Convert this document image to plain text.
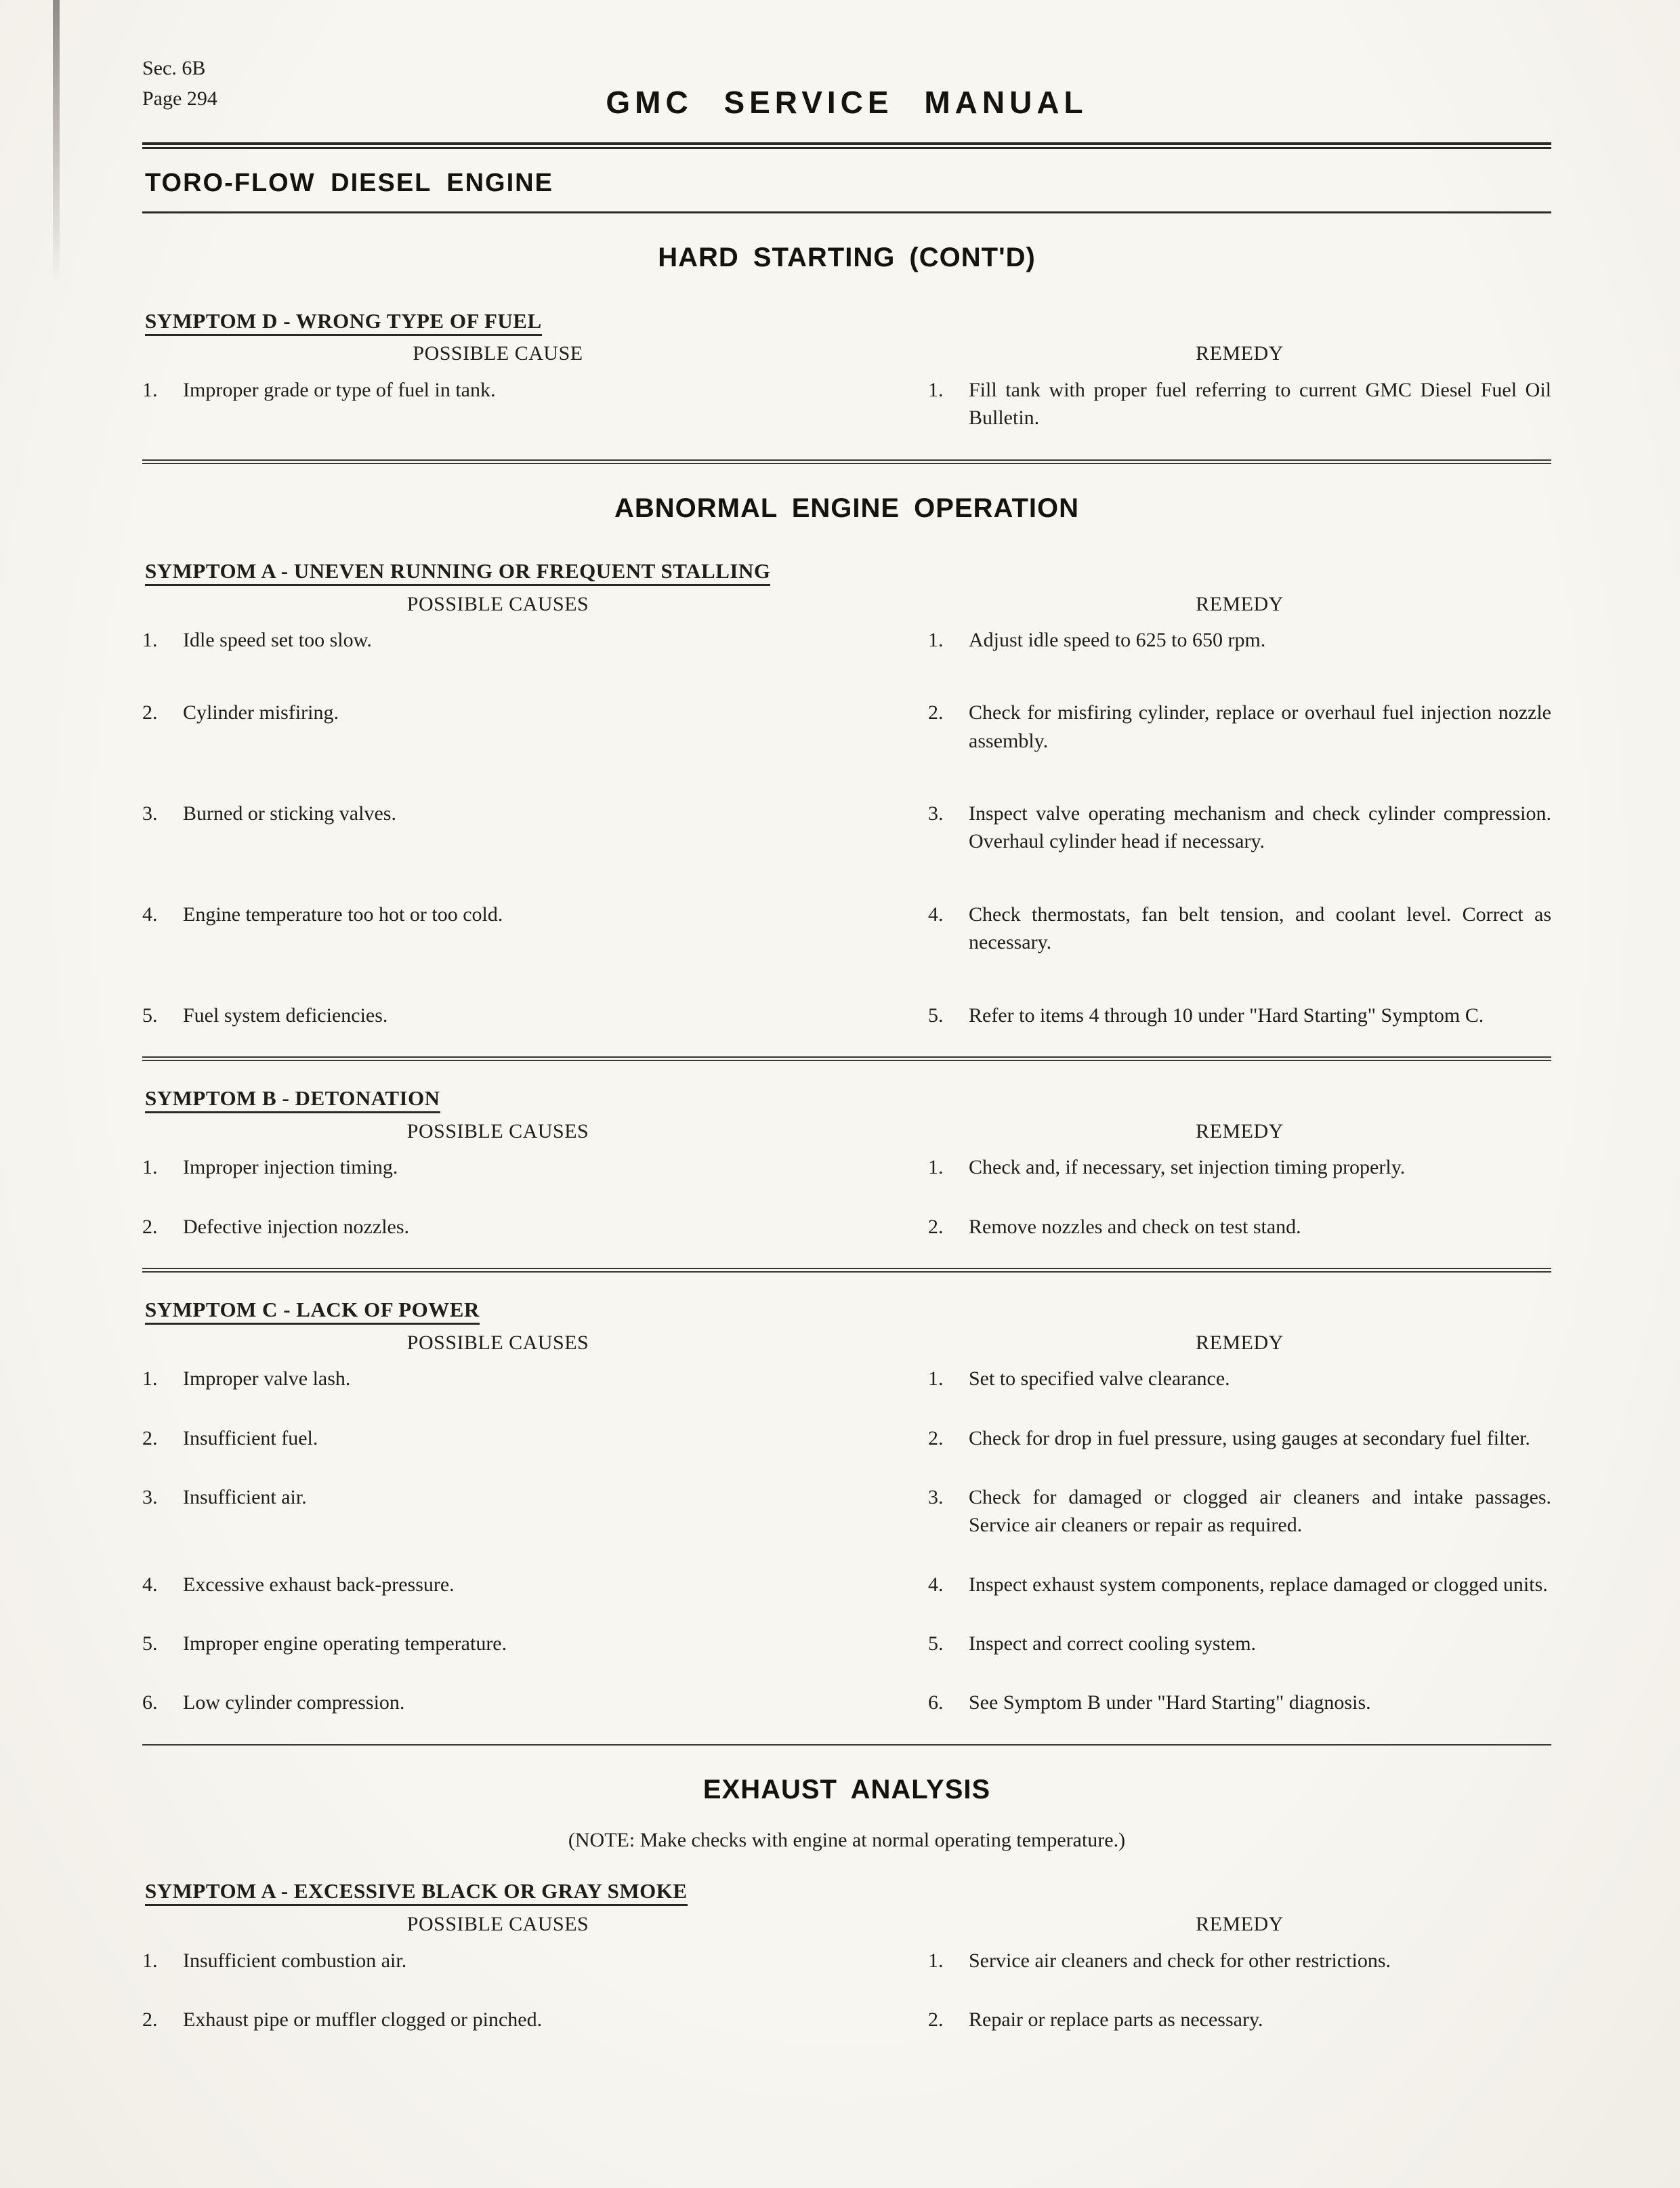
Sec. 6B
Page 294	GMC SERVICE MANUAL
TORO-FLOW DIESEL ENGINE
HARD STARTING (CONT'D)
SYMPTOM D - WRONG TYPE OF FUEL
POSSIBLE CAUSE	REMEDY
1.	Improper grade or type of fuel in tank.	1.	Fill tank with proper fuel referring to current GMC Diesel Fuel Oil Bulletin.
ABNORMAL ENGINE OPERATION
SYMPTOM A - UNEVEN RUNNING OR FREQUENT STALLING
POSSIBLE CAUSES	REMEDY
1.	Idle speed set too slow.	1.	Adjust idle speed to 625 to 650 rpm.
2.	Cylinder misfiring.	2.	Check for misfiring cylinder, replace or overhaul fuel injection nozzle assembly.
3.	Burned or sticking valves.	3.	Inspect valve operating mechanism and check cylinder compression. Overhaul cylinder head if necessary.
4.	Engine temperature too hot or too cold.	4.	Check thermostats, fan belt tension, and coolant level. Correct as necessary.
5.	Fuel system deficiencies.	5.	Refer to items 4 through 10 under "Hard Starting" Symptom C.
SYMPTOM B - DETONATION
POSSIBLE CAUSES	REMEDY
1.	Improper injection timing.	1.	Check and, if necessary, set injection timing properly.
2.	Defective injection nozzles.	2.	Remove nozzles and check on test stand.
SYMPTOM C - LACK OF POWER
POSSIBLE CAUSES	REMEDY
1.	Improper valve lash.	1.	Set to specified valve clearance.
2.	Insufficient fuel.	2.	Check for drop in fuel pressure, using gauges at secondary fuel filter.
3.	Insufficient air.	3.	Check for damaged or clogged air cleaners and intake passages. Service air cleaners or repair as required.
4.	Excessive exhaust back-pressure.	4.	Inspect exhaust system components, replace damaged or clogged units.
5.	Improper engine operating temperature.	5.	Inspect and correct cooling system.
6.	Low cylinder compression.	6.	See Symptom B under "Hard Starting" diagnosis.
EXHAUST ANALYSIS
(NOTE: Make checks with engine at normal operating temperature.)
SYMPTOM A - EXCESSIVE BLACK OR GRAY SMOKE
POSSIBLE CAUSES	REMEDY
1.	Insufficient combustion air.	1.	Service air cleaners and check for other restrictions.
2.	Exhaust pipe or muffler clogged or pinched.	2.	Repair or replace parts as necessary.
